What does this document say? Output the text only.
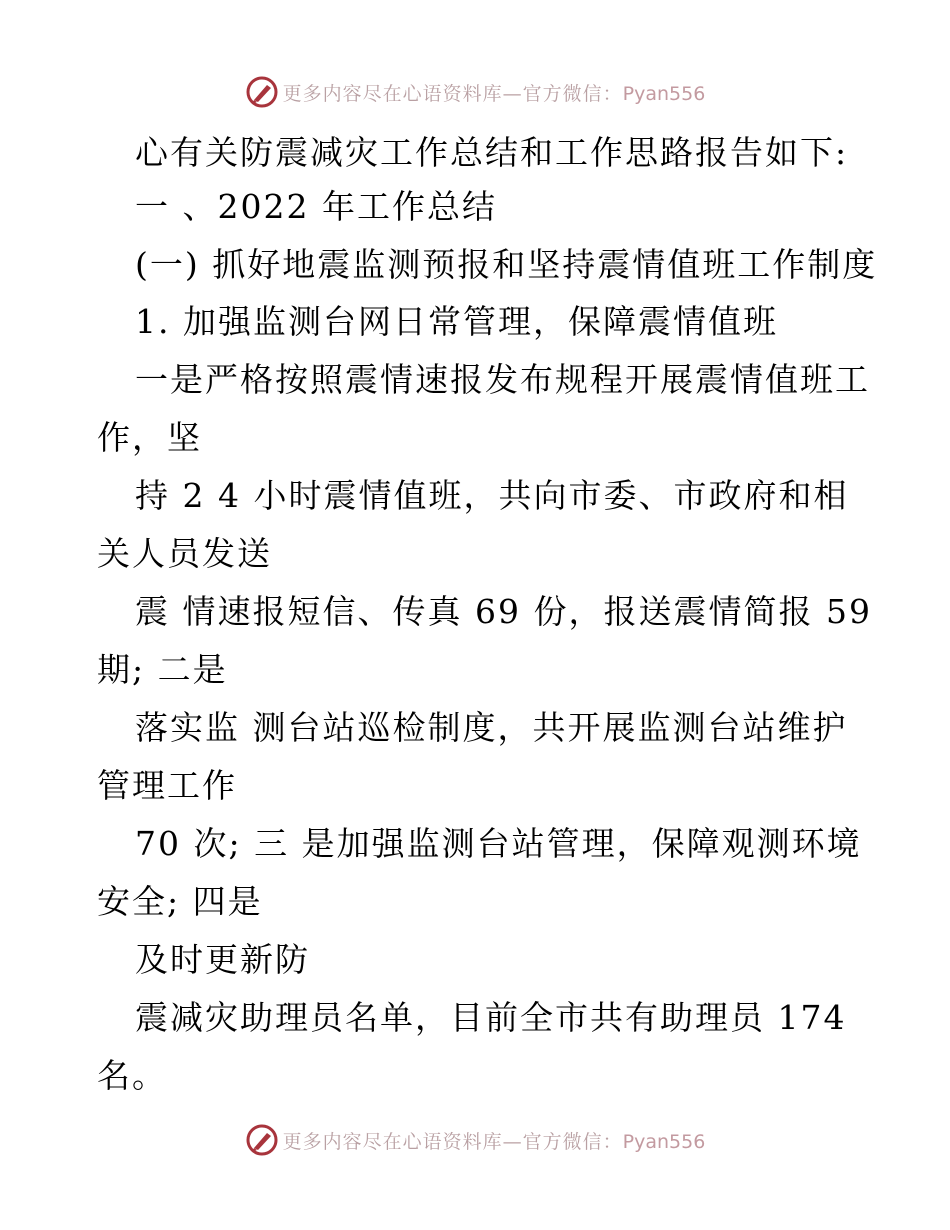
更多内容尽在心语资料库—官方微信：Pyan556
心有关防震减灾工作总结和工作思路报告如下:
一 、2022 年工作总结
(一) 抓好地震监测预报和坚持震情值班工作制度
1. 加强监测台网日常管理，保障震情值班
一是严格按照震情速报发布规程开展震情值班工
作，坚
持 2 4 小时震情值班，共向市委、市政府和相
关人员发送
震 情速报短信、传真 69 份，报送震情简报 59
期; 二是
落实监 测台站巡检制度，共开展监测台站维护
管理工作
70 次; 三 是加强监测台站管理，保障观测环境
安全; 四是
及时更新防
震减灾助理员名单，目前全市共有助理员 174
名。
更多内容尽在心语资料库—官方微信：Pyan556
